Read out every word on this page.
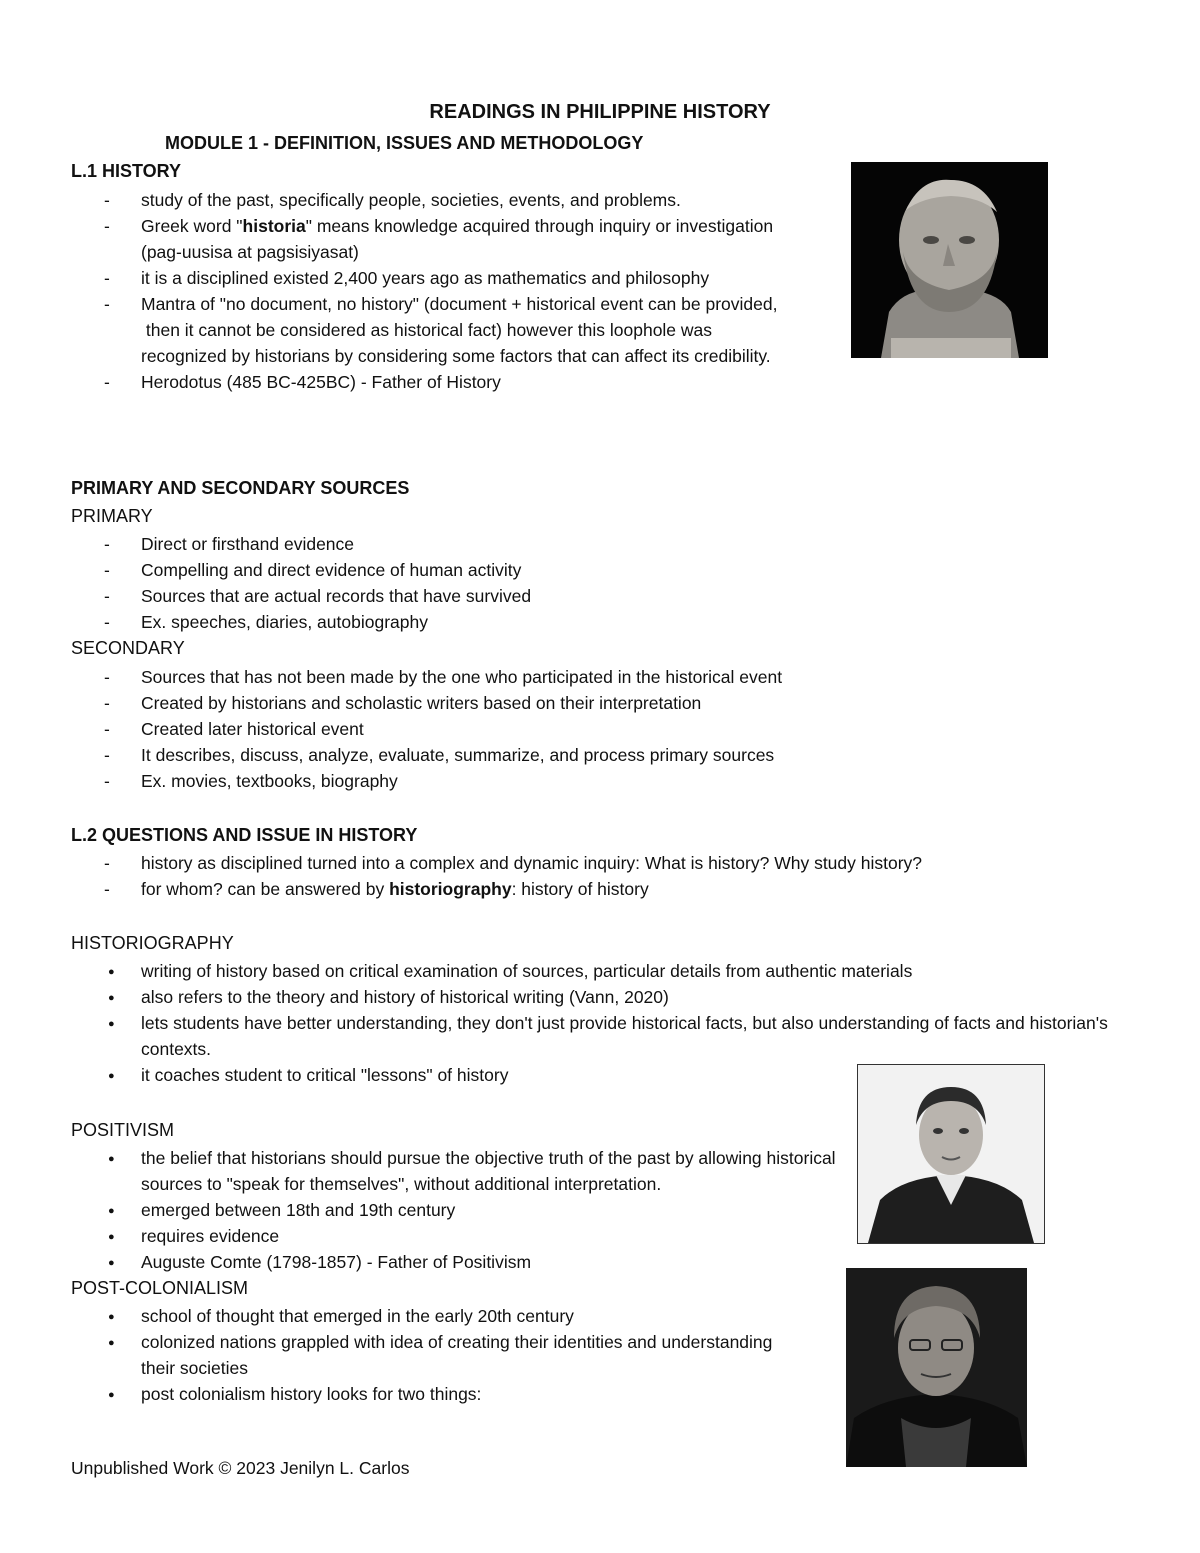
READINGS IN PHILIPPINE HISTORY
MODULE 1 - DEFINITION, ISSUES AND METHODOLOGY
L.1 HISTORY
-
study of the past, specifically people, societies, events, and problems.
-
Greek word "historia" means knowledge acquired through inquiry or investigation (pag-uusisa at pagsisiyasat)
-
it is a disciplined existed 2,400 years ago as mathematics and philosophy
-
Mantra of "no document, no history" (document + historical event can be provided,
then it cannot be considered as historical fact) however this loophole was recognized by historians by considering some factors that can affect its credibility.
-
Herodotus (485 BC-425BC) - Father of History
PRIMARY AND SECONDARY SOURCES
PRIMARY
-
Direct or firsthand evidence
-
Compelling and direct evidence of human activity
-
Sources that are actual records that have survived
-
Ex. speeches, diaries, autobiography
SECONDARY
-
Sources that has not been made by the one who participated in the historical event
-
Created by historians and scholastic writers based on their interpretation
-
Created later historical event
-
It describes, discuss, analyze, evaluate, summarize, and process primary sources
-
Ex. movies, textbooks, biography
L.2 QUESTIONS AND ISSUE IN HISTORY
-
history as disciplined turned into a complex and dynamic inquiry: What is history? Why study history?
-
for whom? can be answered by historiography: history of history
HISTORIOGRAPHY
●
writing of history based on critical examination of sources, particular details from authentic materials
●
also refers to the theory and history of historical writing (Vann, 2020)
●
lets students have better understanding, they don't just provide historical facts, but also understanding of facts and historian's contexts.
●
it coaches student to critical "lessons" of history
POSITIVISM
●
the belief that historians should pursue the objective truth of the past by allowing historical sources to "speak for themselves", without additional interpretation.
●
emerged between 18th and 19th century
●
requires evidence
●
Auguste Comte (1798-1857) - Father of Positivism
POST-COLONIALISM
●
school of thought that emerged in the early 20th century
●
colonized nations grappled with idea of creating their identities and understanding their societies
●
post colonialism history looks for two things:
Unpublished Work © 2023 Jenilyn L. Carlos
